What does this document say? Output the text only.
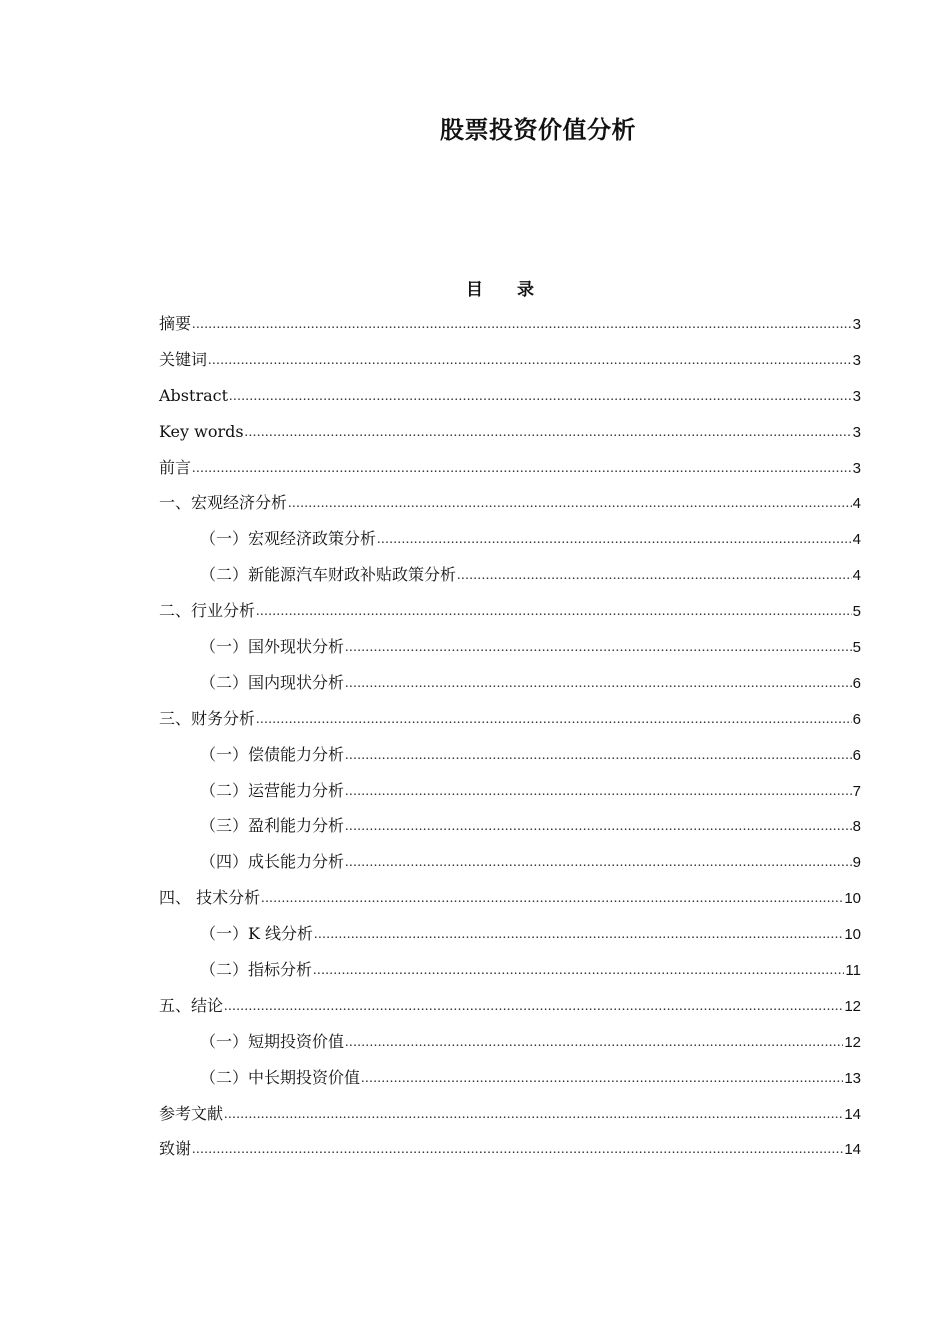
股票投资价值分析
目 录
摘要 .....	3
关键词 .....	3
Abstract .....	3
Key words .....	3
前言 .....	3
一、宏观经济分析 .....	4
（一）宏观经济政策分析 .....	4
（二）新能源汽车财政补贴政策分析 .....	4
二、行业分析 .....	5
（一）国外现状分析 .....	5
（二）国内现状分析 .....	6
三、财务分析 .....	6
（一）偿债能力分析 .....	6
（二）运营能力分析 .....	7
（三）盈利能力分析 .....	8
（四）成长能力分析 .....	9
四、 技术分析 .....	10
（一）K 线分析 .....	10
（二）指标分析 .....	11
五、结论 .....	12
（一）短期投资价值 .....	12
（二）中长期投资价值 .....	13
参考文献 .....	14
致谢 .....	14
